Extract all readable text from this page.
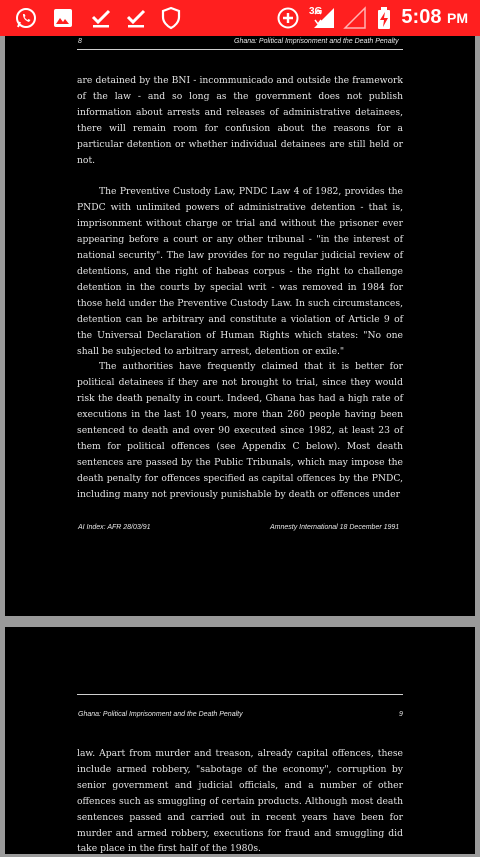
3G	5:08 PM
8	Ghana: Political Imprisonment and the Death Penalty

are detained by the BNI - incommunicado and outside the framework of the law - and so long as the government does not publish information about arrests and releases of administrative detainees, there will remain room for confusion about the reasons for a particular detention or whether individual detainees are still held or not.

The Preventive Custody Law, PNDC Law 4 of 1982, provides the PNDC with unlimited powers of administrative detention - that is, imprisonment without charge or trial and without the prisoner ever appearing before a court or any other tribunal - "in the interest of national security". The law provides for no regular judicial review of detentions, and the right of habeas corpus - the right to challenge detention in the courts by special writ - was removed in 1984 for those held under the Preventive Custody Law. In such circumstances, detention can be arbitrary and constitute a violation of Article 9 of the Universal Declaration of Human Rights which states: "No one shall be subjected to arbitrary arrest, detention or exile."

The authorities have frequently claimed that it is better for political detainees if they are not brought to trial, since they would risk the death penalty in court. Indeed, Ghana has had a high rate of executions in the last 10 years, more than 260 people having been sentenced to death and over 90 executed since 1982, at least 23 of them for political offences (see Appendix C below). Most death sentences are passed by the Public Tribunals, which may impose the death penalty for offences specified as capital offences by the PNDC, including many not previously punishable by death or offences under

AI Index: AFR 28/03/91	Amnesty International 18 December 1991
Ghana: Political Imprisonment and the Death Penalty	9

law. Apart from murder and treason, already capital offences, these include armed robbery, "sabotage of the economy", corruption by senior government and judicial officials, and a number of other offences such as smuggling of certain products. Although most death sentences passed and carried out in recent years have been for murder and armed robbery, executions for fraud and smuggling did take place in the first half of the 1980s.
